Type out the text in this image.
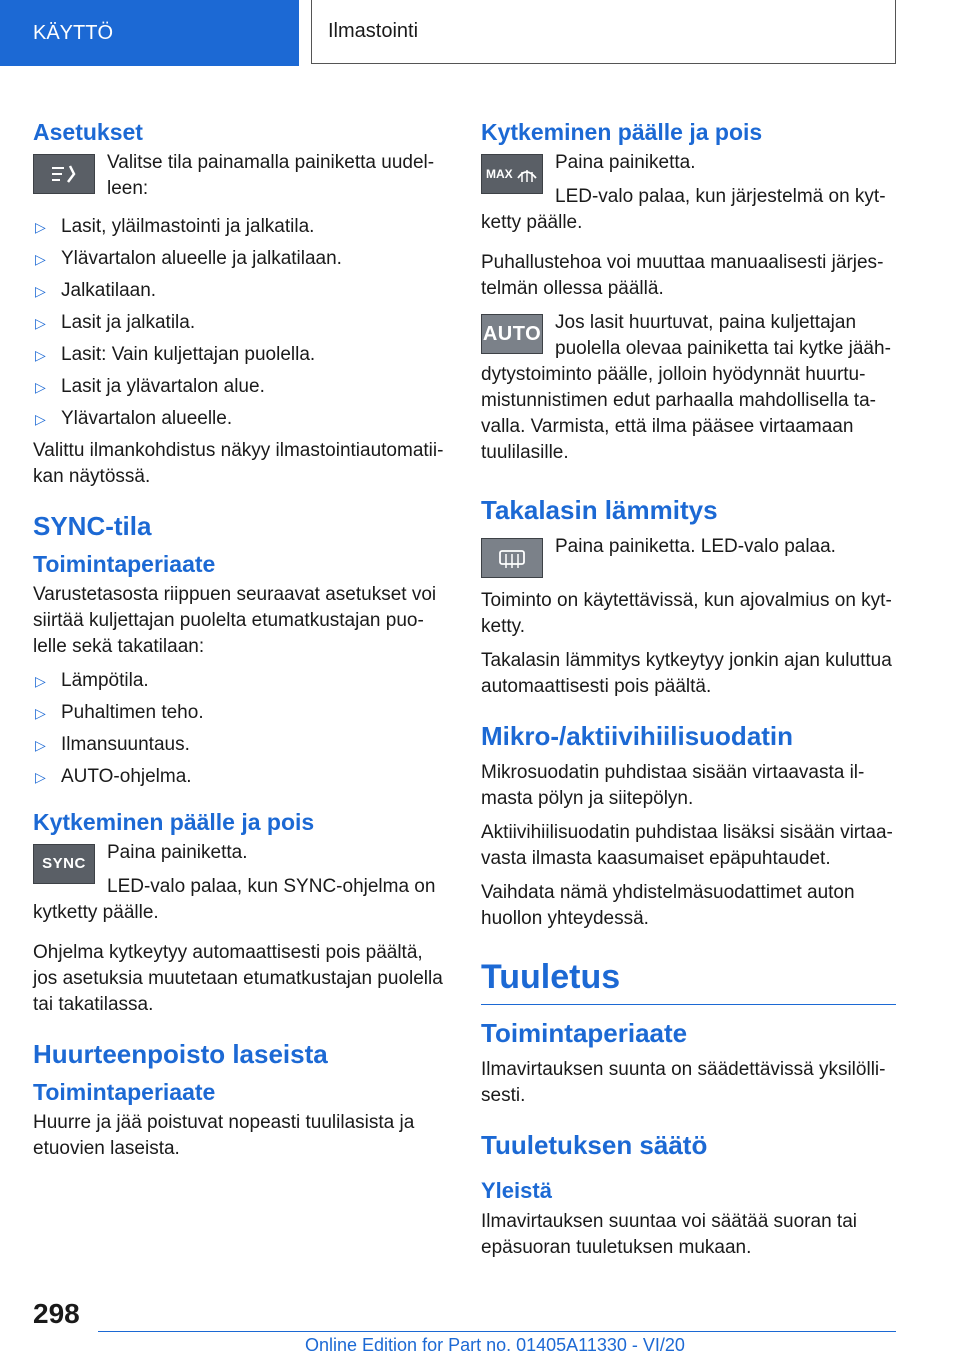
KÄYTTÖ	Ilmastointi
Asetukset

Valitse tila painamalla painiketta uudelleen:

▷ Lasit, yläilmastointi ja jalkatila.
▷ Ylävartalon alueelle ja jalkatilaan.
▷ Jalkatilaan.
▷ Lasit ja jalkatila.
▷ Lasit: Vain kuljettajan puolella.
▷ Lasit ja ylävartalon alue.
▷ Ylävartalon alueelle.

Valittu ilmankohdistus näkyy ilmastointiautomatiikan näytössä.

SYNC-tila
Toimintaperiaate

Varustetasosta riippuen seuraavat asetukset voi siirtää kuljettajan puolelta etumatkustajan puolelle sekä takatilaan:

▷ Lämpötila.
▷ Puhaltimen teho.
▷ Ilmansuuntaus.
▷ AUTO-ohjelma.
Kytkeminen päälle ja pois
SYNC

Paina painiketta.

LED-valo palaa, kun SYNC-ohjelma on kytketty päälle.

Ohjelma kytkeytyy automaattisesti pois päältä, jos asetuksia muutetaan etumatkustajan puolella tai takatilassa.

Huurteenpoisto laseista
Toimintaperiaate

Huurre ja jää poistuvat nopeasti tuulilasista ja etuovien laseista.

Kytkeminen päälle ja pois
MAX

Paina painiketta.

LED-valo palaa, kun järjestelmä on kytketty päälle.

Puhallustehoa voi muuttaa manuaalisesti järjestelmän ollessa päällä.

AUTO

Jos lasit huurtuvat, paina kuljettajan puolella olevaa painiketta tai kytke jäähdytystoiminto päälle, jolloin hyödynnät huurtumistunnistimen edut parhaalla mahdollisella tavalla. Varmista, että ilma pääsee virtaamaan tuulilasille.

Takalasin lämmitys

Paina painiketta. LED-valo palaa.

Toiminto on käytettävissä, kun ajovalmius on kytketty.

Takalasin lämmitys kytkeytyy jonkin ajan kuluttua automaattisesti pois päältä.

Mikro-/aktiivihiilisuodatin

Mikrosuodatin puhdistaa sisään virtaavasta ilmasta pölyn ja siitepölyn.

Aktiivihiilisuodatin puhdistaa lisäksi sisään virtaavasta ilmasta kaasumaiset epäpuhtaudet.

Vaihdata nämä yhdistelmäsuodattimet auton huollon yhteydessä.

Tuuletus
Toimintaperiaate

Ilmavirtauksen suunta on säädettävissä yksilöllisesti.

Tuuletuksen säätö
Yleistä

Ilmavirtauksen suuntaa voi säätää suoran tai epäsuoran tuuletuksen mukaan.

298
Online Edition for Part no. 01405A11330 - VI/20
